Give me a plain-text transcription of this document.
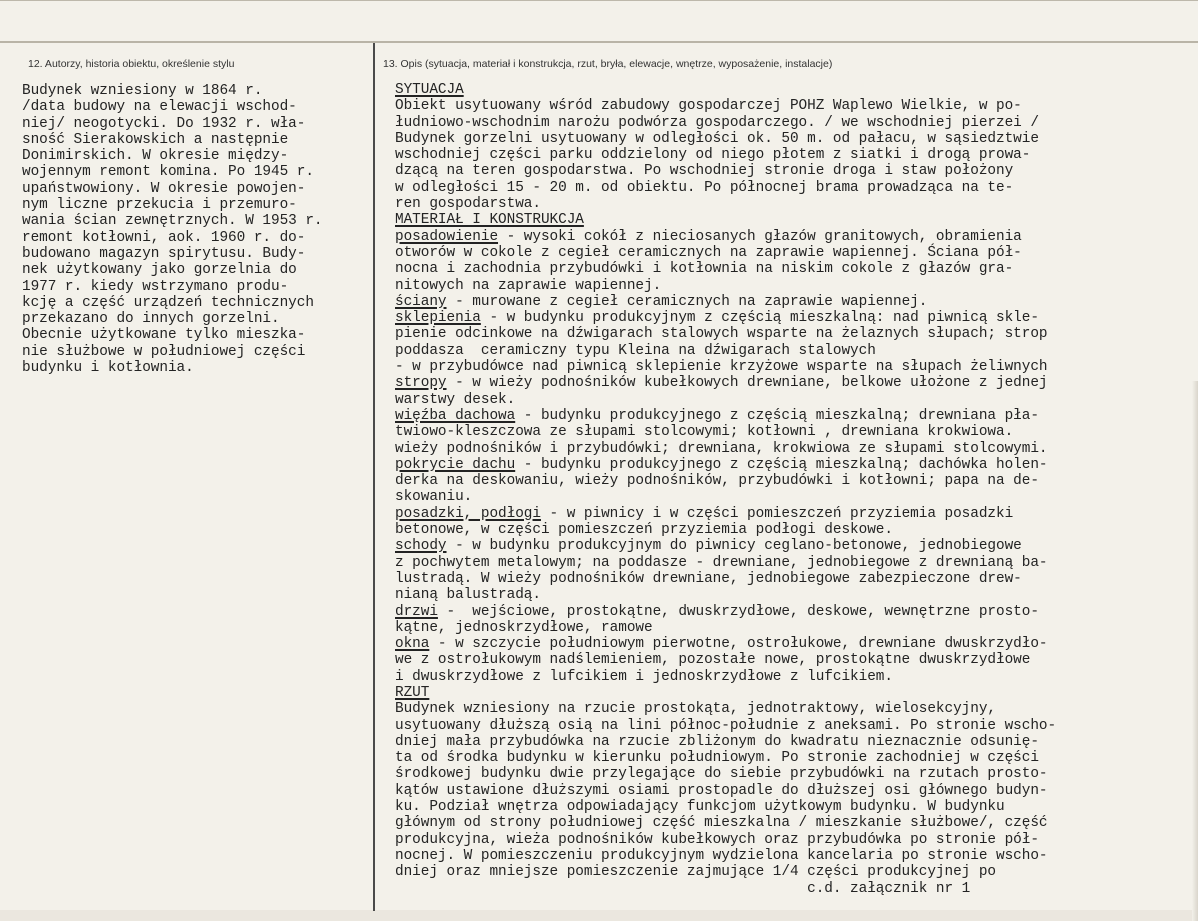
12. Autorzy, historia obiektu, określenie stylu	13. Opis (sytuacja, materiał i konstrukcja, rzut, bryła, elewacje, wnętrze, wyposażenie, instalacje)
Budynek wzniesiony w 1864 r.
/data budowy na elewacji wschod-
niej/ neogotycki. Do 1932 r. wła-
sność Sierakowskich a następnie
Donimirskich. W okresie między-
wojennym remont komina. Po 1945 r.
upaństwowiony. W okresie powojen-
nym liczne przekucia i przemuro-
wania ścian zewnętrznych. W 1953 r.
remont kotłowni, aok. 1960 r. do-
budowano magazyn spirytusu. Budy-
nek użytkowany jako gorzelnia do
1977 r. kiedy wstrzymano produ-
kcję a część urządzeń technicznych
przekazano do innych gorzelni.
Obecnie użytkowane tylko mieszka-
nie służbowe w południowej części
budynku i kotłownia.
SYTUACJA
Obiekt usytuowany wśród zabudowy gospodarczej POHZ Waplewo Wielkie, w po-
łudniowo-wschodnim narożu podwórza gospodarczego. / we wschodniej pierzei /
Budynek gorzelni usytuowany w odległości ok. 50 m. od pałacu, w sąsiedztwie
wschodniej części parku oddzielony od niego płotem z siatki i drogą prowa-
dzącą na teren gospodarstwa. Po wschodniej stronie droga i staw położony
w odległości 15 - 20 m. od obiektu. Po północnej brama prowadząca na te-
ren gospodarstwa.
MATERIAŁ I KONSTRUKCJA
posadowienie - wysoki cokół z nieciosanych głazów granitowych, obramienia
otworów w cokole z cegieł ceramicznych na zaprawie wapiennej. Ściana pół-
nocna i zachodnia przybudówki i kotłownia na niskim cokole z głazów gra-
nitowych na zaprawie wapiennej.
ściany - murowane z cegieł ceramicznych na zaprawie wapiennej.
sklepienia - w budynku produkcyjnym z częścią mieszkalną: nad piwnicą skle-
pienie odcinkowe na dźwigarach stalowych wsparte na żelaznych słupach; strop
poddasza  ceramiczny typu Kleina na dźwigarach stalowych
- w przybudówce nad piwnicą sklepienie krzyżowe wsparte na słupach żeliwnych
stropy - w wieży podnośników kubełkowych drewniane, belkowe ułożone z jednej
warstwy desek.
więźba dachowa - budynku produkcyjnego z częścią mieszkalną; drewniana pła-
twiowo-kleszczowa ze słupami stolcowymi; kotłowni , drewniana krokwiowa.
wieży podnośników i przybudówki; drewniana, krokwiowa ze słupami stolcowymi.
pokrycie dachu - budynku produkcyjnego z częścią mieszkalną; dachówka holen-
derka na deskowaniu, wieży podnośników, przybudówki i kotłowni; papa na de-
skowaniu.
posadzki, podłogi - w piwnicy i w części pomieszczeń przyziemia posadzki
betonowe, w części pomieszczeń przyziemia podłogi deskowe.
schody - w budynku produkcyjnym do piwnicy ceglano-betonowe, jednobiegowe
z pochwytem metalowym; na poddasze - drewniane, jednobiegowe z drewnianą ba-
lustradą. W wieży podnośników drewniane, jednobiegowe zabezpieczone drew-
nianą balustradą.
drzwi -  wejściowe, prostokątne, dwuskrzydłowe, deskowe, wewnętrzne prosto-
kątne, jednoskrzydłowe, ramowe
okna - w szczycie południowym pierwotne, ostrołukowe, drewniane dwuskrzydło-
we z ostrołukowym nadślemieniem, pozostałe nowe, prostokątne dwuskrzydłowe
i dwuskrzydłowe z lufcikiem i jednoskrzydłowe z lufcikiem.
RZUT
Budynek wzniesiony na rzucie prostokąta, jednotraktowy, wielosekcyjny,
usytuowany dłuższą osią na lini północ-południe z aneksami. Po stronie wscho-
dniej mała przybudówka na rzucie zbliżonym do kwadratu nieznacznie odsunię-
ta od środka budynku w kierunku południowym. Po stronie zachodniej w części
środkowej budynku dwie przylegające do siebie przybudówki na rzutach prosto-
kątów ustawione dłuższymi osiami prostopadle do dłuższej osi głównego budyn-
ku. Podział wnętrza odpowiadający funkcjom użytkowym budynku. W budynku
głównym od strony południowej część mieszkalna / mieszkanie służbowe/, część
produkcyjna, wieża podnośników kubełkowych oraz przybudówka po stronie pół-
nocnej. W pomieszczeniu produkcyjnym wydzielona kancelaria po stronie wscho-
dniej oraz mniejsze pomieszczenie zajmujące 1/4 części produkcyjnej po
c.d. załącznik nr 1
